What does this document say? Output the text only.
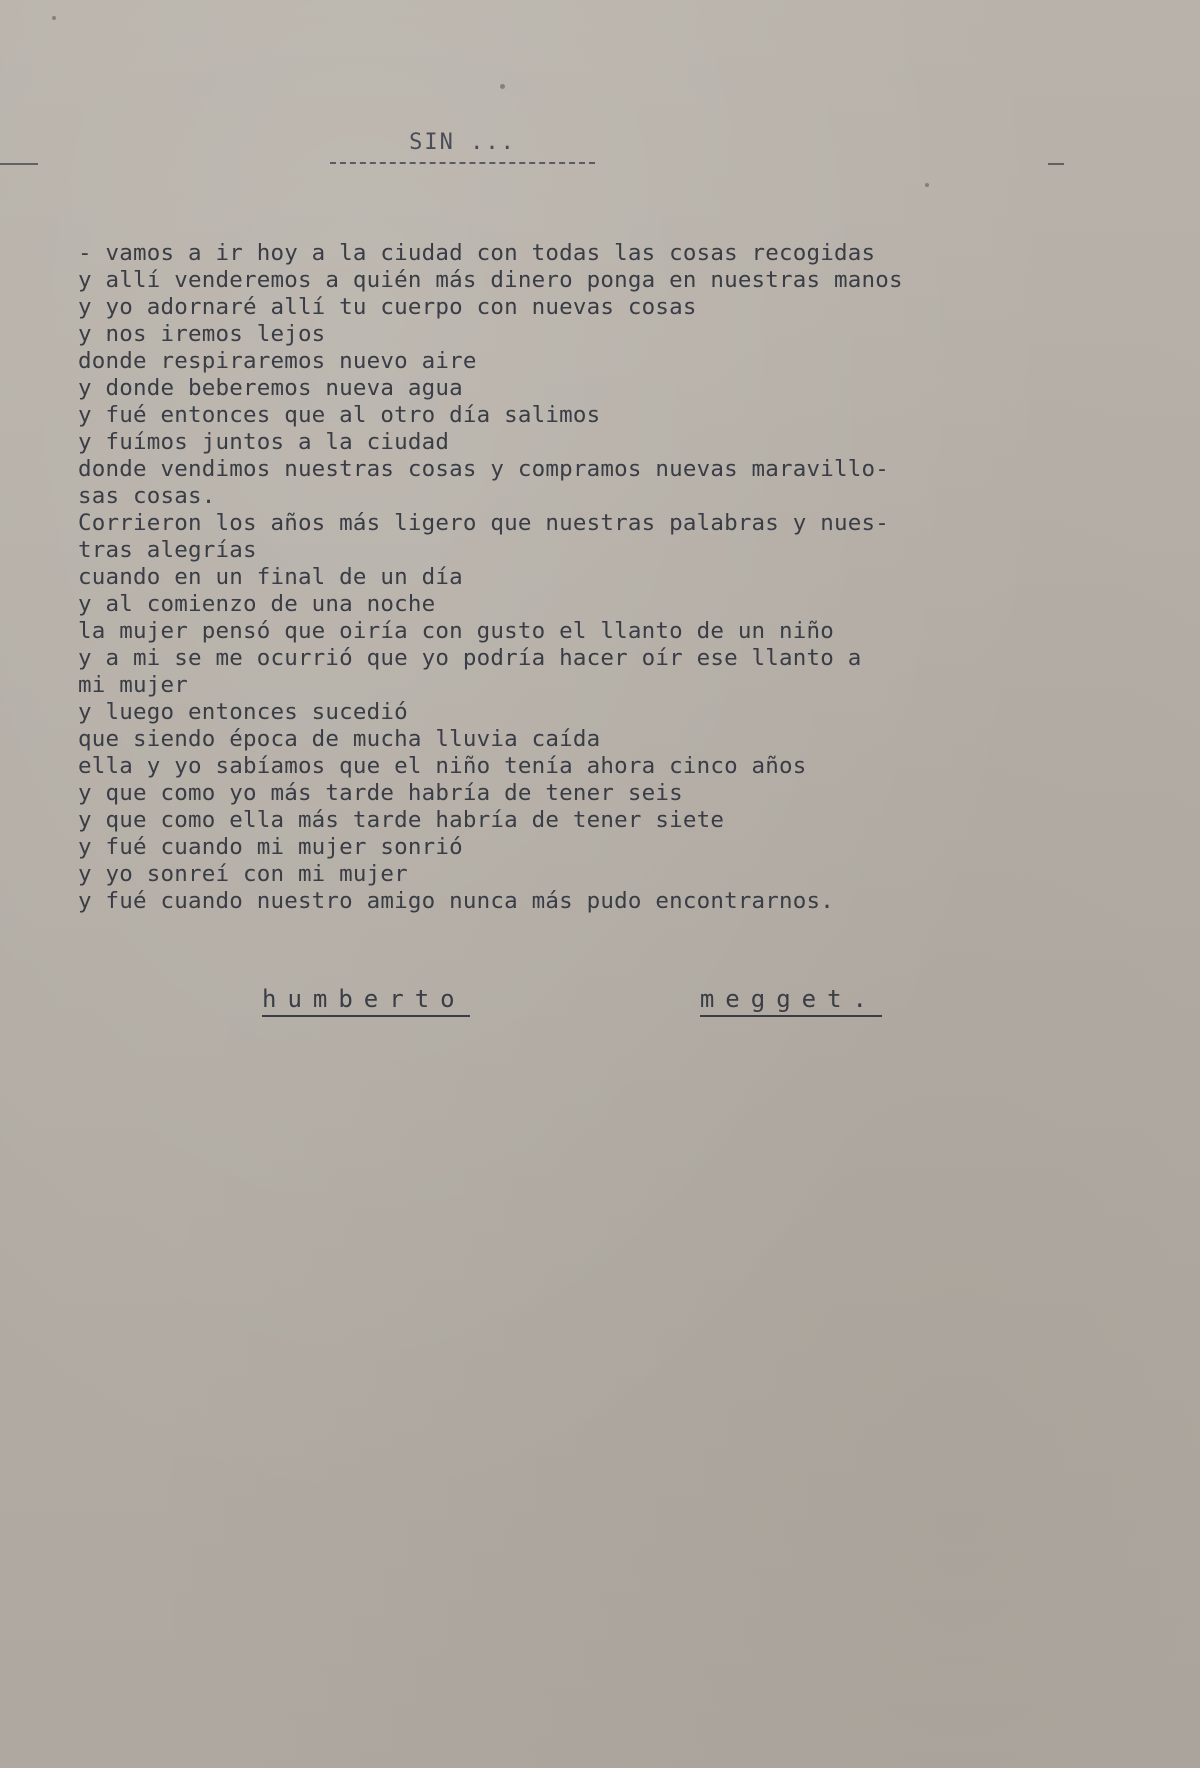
SIN ...
- vamos a ir hoy a la ciudad con todas las cosas recogidas
y allí venderemos a quién más dinero ponga en nuestras manos
y yo adornaré allí tu cuerpo con nuevas cosas
y nos iremos lejos
donde respiraremos nuevo aire
y donde beberemos nueva agua
y fué entonces que al otro día salimos
y fuímos juntos a la ciudad
donde vendimos nuestras cosas y compramos nuevas maravillo-
sas cosas.
Corrieron los años más ligero que nuestras palabras y nues-
tras alegrías
cuando en un final de un día
y al comienzo de una noche
la mujer pensó que oiría con gusto el llanto de un niño
y a mi se me ocurrió que yo podría hacer oír ese llanto a
mi mujer
y luego entonces sucedió
que siendo época de mucha lluvia caída
ella y yo sabíamos que el niño tenía ahora cinco años
y que como yo más tarde habría de tener seis
y que como ella más tarde habría de tener siete
y fué cuando mi mujer sonrió
y yo sonreí con mi mujer
y fué cuando nuestro amigo nunca más pudo encontrarnos.
humberto	megget.
